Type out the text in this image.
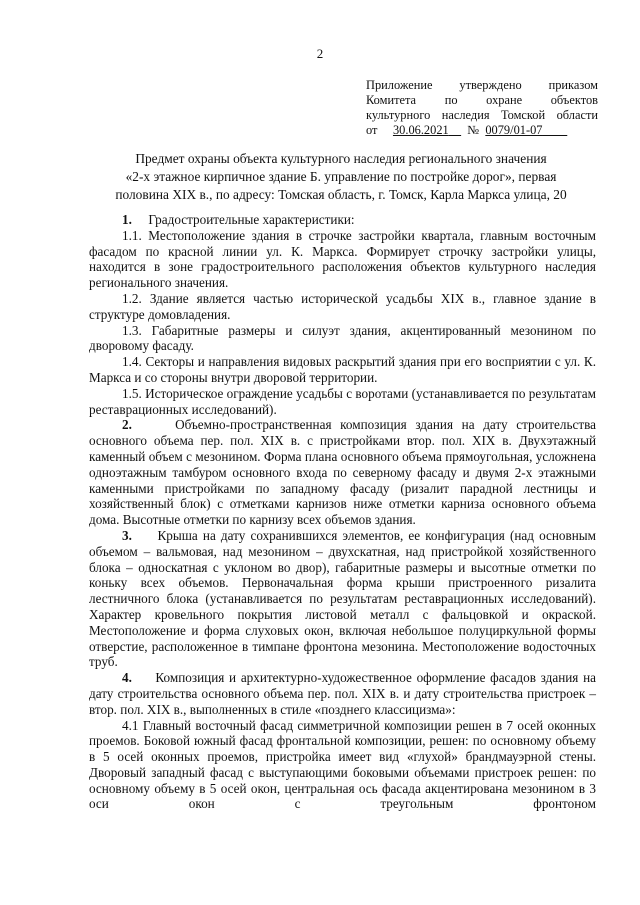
2
Приложение утверждено приказом
Комитета по охране объектов
культурного наследия Томской области
от 30.06.2021 № 0079/01-07
Предмет охраны объекта культурного наследия регионального значения
«2-х этажное кирпичное здание Б. управление по постройке дорог», первая
половина XIX в., по адресу: Томская область, г. Томск, Карла Маркса улица, 20

1. Градостроительные характеристики:

1.1. Местоположение здания в строчке застройки квартала, главным восточным фасадом по красной линии ул. К. Маркса. Формирует строчку застройки улицы, находится в зоне градостроительного расположения объектов культурного наследия регионального значения.

1.2. Здание является частью исторической усадьбы XIX в., главное здание в структуре домовладения.

1.3. Габаритные размеры и силуэт здания, акцентированный мезонином по дворовому фасаду.

1.4. Секторы и направления видовых раскрытий здания при его восприятии с ул. К. Маркса и со стороны внутри дворовой территории.

1.5. Историческое ограждение усадьбы с воротами (устанавливается по результатам реставрационных исследований).

2.	Объемно-пространственная композиция здания на дату строительства основного объема пер. пол. XIX в. с пристройками втор. пол. XIX в. Двухэтажный каменный объем с мезонином. Форма плана основного объема прямоугольная, усложнена одноэтажным тамбуром основного входа по северному фасаду и двумя 2-х этажными каменными пристройками по западному фасаду (ризалит парадной лестницы и хозяйственный блок) с отметками карнизов ниже отметки карниза основного объема дома. Высотные отметки по карнизу всех объемов здания.

3. Крыша на дату сохранившихся элементов, ее конфигурация (над основным объемом – вальмовая, над мезонином – двухскатная, над пристройкой хозяйственного блока – односкатная с уклоном во двор), габаритные размеры и высотные отметки по коньку всех объемов. Первоначальная форма крыши пристроенного ризалита лестничного блока (устанавливается по результатам реставрационных исследований). Характер кровельного покрытия листовой металл с фальцовкой и окраской. Местоположение и форма слуховых окон, включая небольшое полуциркульной формы отверстие, расположенное в тимпане фронтона мезонина. Местоположение водосточных труб.

4. Композиция и архитектурно-художественное оформление фасадов здания на дату строительства основного объема пер. пол. XIX в. и дату строительства пристроек – втор. пол. XIX в., выполненных в стиле «позднего классицизма»:

4.1 Главный восточный фасад симметричной композиции решен в 7 осей оконных проемов. Боковой южный фасад фронтальной композиции, решен: по основному объему в 5 осей оконных проемов, пристройка имеет вид «глухой» брандмауэрной стены. Дворовый западный фасад с выступающими боковыми объемами пристроек решен: по основному объему в 5 осей окон, центральная ось фасада акцентирована мезонином в 3 оси окон с треугольным фронтоном
